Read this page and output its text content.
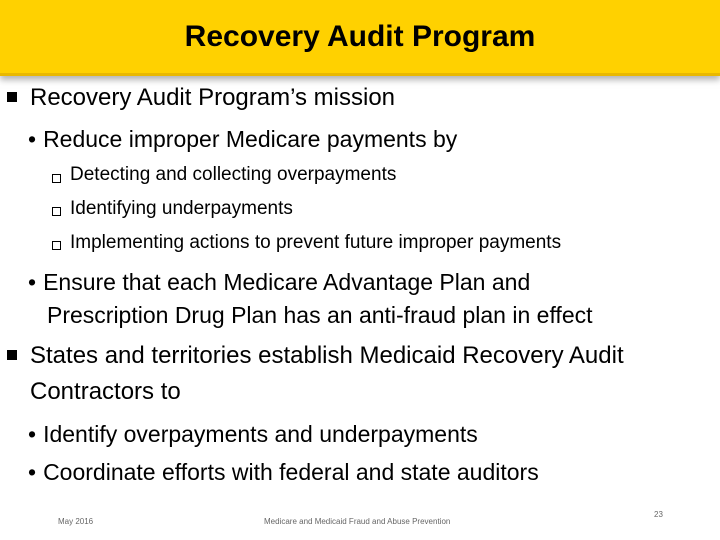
Recovery Audit Program
Recovery Audit Program’s mission
• Reduce improper Medicare payments by
Detecting and collecting overpayments
Identifying underpayments
Implementing actions to prevent future improper payments
• Ensure that each Medicare Advantage Plan and
Prescription Drug Plan has an anti-fraud plan in effect
States and territories establish Medicaid Recovery Audit
Contractors to
• Identify overpayments and underpayments
• Coordinate efforts with federal and state auditors
May 2016	Medicare and Medicaid Fraud and Abuse Prevention
23
